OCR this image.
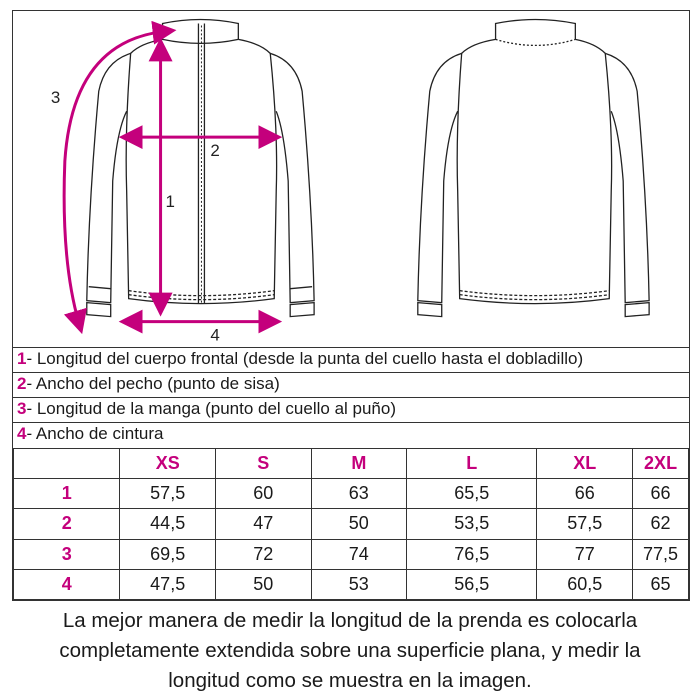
1
2
3
4
1- Longitud del cuerpo frontal (desde la punta del cuello hasta el dobladillo)
2- Ancho del pecho (punto de sisa)
3- Longitud de la manga (punto del cuello al puño)
4- Ancho de cintura
	XS	S	M	L	XL	2XL
1	57,5	60	63	65,5	66	66
2	44,5	47	50	53,5	57,5	62
3	69,5	72	74	76,5	77	77,5
4	47,5	50	53	56,5	60,5	65
La mejor manera de medir la longitud de la prenda es colocarla
completamente extendida sobre una superficie plana, y medir la
longitud como se muestra en la imagen.
